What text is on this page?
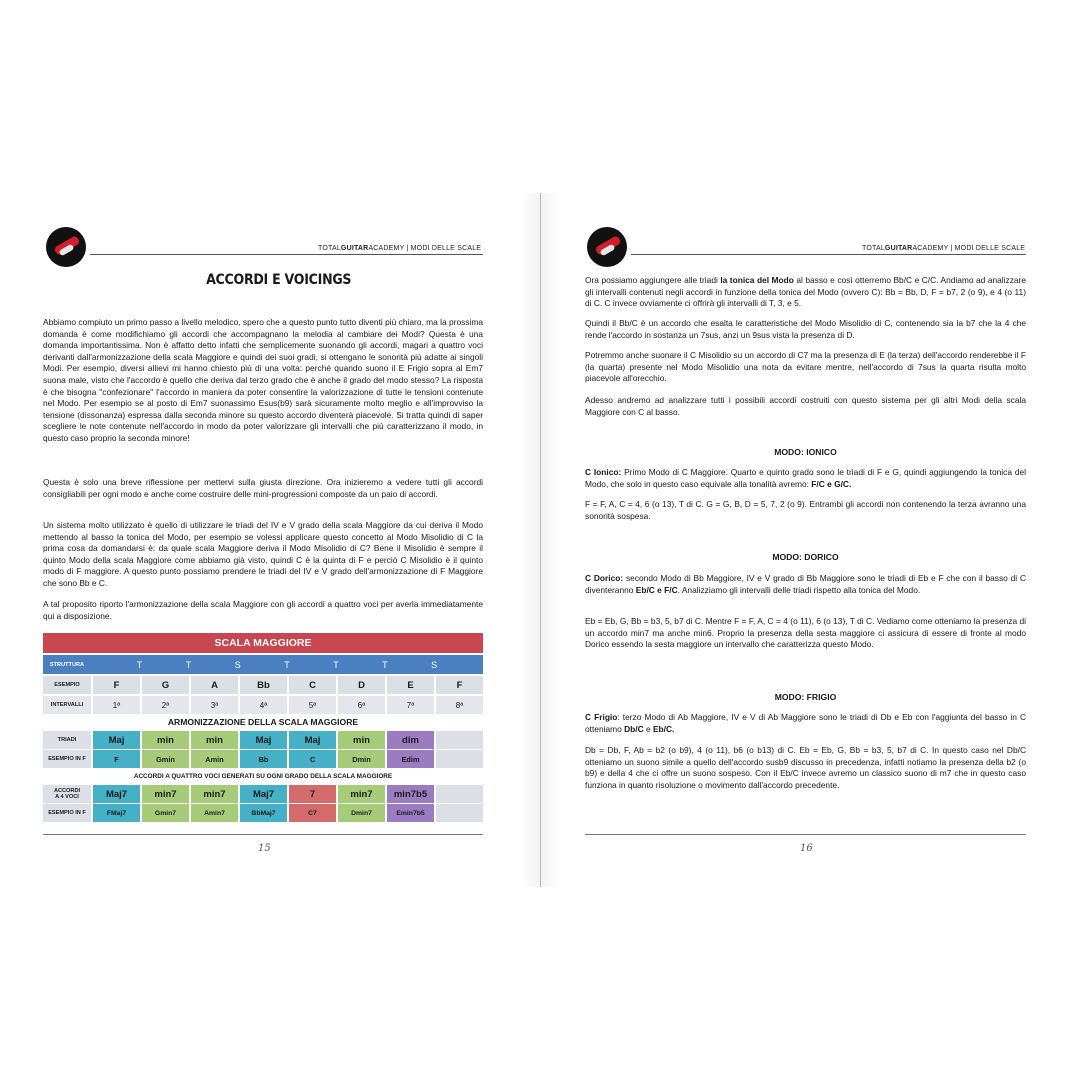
TOTALGUITARACADEMY | MODI DELLE SCALE
ACCORDI E VOICINGS

Abbiamo compiuto un primo passo a livello melodico, spero che a questo punto tutto diventi più chiaro, ma la prossima domanda è come modifichiamo gli accordi che accompagnano la melodia al cambiare dei Modi? Questa è una domanda importantissima. Non è affatto detto infatti che semplicemente suonando gli accordi, magari a quattro voci derivanti dall'armonizzazione della scala Maggiore e quindi dei suoi gradi, si ottengano le sonorità più adatte ai singoli Modi. Per esempio, diversi allievi mi hanno chiesto più di una volta: perché quando suono il E Frigio sopra al Em7 suona male, visto che l'accordo è quello che deriva dal terzo grado che è anche il grado del modo stesso? La risposta è che bisogna "confezionare" l'accordo in maniera da poter consentire la valorizzazione di tutte le tensioni contenute nel Modo. Per esempio se al posto di Em7 suonassimo Esus(b9) sarà sicuramente molto meglio e all'improvviso la tensione (dissonanza) espressa dalla seconda minore su questo accordo diventerà piacevole. Si tratta quindi di saper scegliere le note contenute nell'accordo in modo da poter valorizzare gli intervalli che più caratterizzano il modo, in questo caso proprio la seconda minore!

Questa è solo una breve riflessione per mettervi sulla giusta direzione. Ora inizieremo a vedere tutti gli accordi consigliabili per ogni modo e anche come costruire delle mini-progressioni composte da un paio di accordi.

Un sistema molto utilizzato è quello di utilizzare le triadi del IV e V grado della scala Maggiore da cui deriva il Modo mettendo al basso la tonica del Modo, per esempio se volessi applicare questo concetto al Modo Misolidio di C la prima cosa da domandarsi è: da quale scala Maggiore deriva il Modo Misolidio di C? Bene il Misolidio è sempre il quinto Modo della scala Maggiore come abbiamo già visto, quindi C è la quinta di F e perciò C Misolidio è il quinto modo di F maggiore. A questo punto possiamo prendere le triadi del IV e V grado dell'armonizzazione di F Maggiore che sono Bb e C.

A tal proposito riporto l'armonizzazione della scala Maggiore con gli accordi a quattro voci per averla immediatamente qui a disposizione.

SCALA MAGGIORE
STRUTTURA	T	T	S	T	T	T	S
ESEMPIO	F	G	A	Bb	C	D	E	F
INTERVALLI	1ª	2ª	3ª	4ª	5ª	6ª	7ª	8ª
ARMONIZZAZIONE DELLA SCALA MAGGIORE
TRIADI	Maj	min	min	Maj	Maj	min	dim
ESEMPIO IN F	F	Gmin	Amin	Bb	C	Dmin	Edim
ACCORDI A QUATTRO VOCI GENERATI SU OGNI GRADO DELLA SCALA MAGGIORE
ACCORDI
A 4 VOCI	Maj7	min7	min7	Maj7	7	min7	min7b5
ESEMPIO IN F	FMaj7	Gmin7	Amin7	BbMaj7	C7	Dmin7	Emin7b5
15
TOTALGUITARACADEMY | MODI DELLE SCALE

Ora possiamo aggiungere alle triadi la tonica del Modo al basso e così otterremo Bb/C e C/C. Andiamo ad analizzare gli intervalli contenuti negli accordi in funzione della tonica del Modo (ovvero C): Bb = Bb, D, F = b7, 2 (o 9), e 4 (o 11) di C. C invece ovviamente ci offrirà gli intervalli di T, 3, e 5.

Quindi il Bb/C è un accordo che esalta le caratteristiche del Modo Misolidio di C, contenendo sia la b7 che la 4 che rende l'accordo in sostanza un 7sus, anzi un 9sus vista la presenza di D.

Potremmo anche suonare il C Misolidio su un accordo di C7 ma la presenza di E (la terza) dell'accordo renderebbe il F (la quarta) presente nel Modo Misolidio una nota da evitare mentre, nell'accordo di 7sus la quarta risulta molto piacevole all'orecchio.

Adesso andremo ad analizzare tutti i possibili accordi costruiti con questo sistema per gli altri Modi della scala Maggiore con C al basso.

MODO: IONICO

C Ionico: Primo Modo di C Maggiore. Quarto e quinto grado sono le triadi di F e G, quindi aggiungendo la tonica del Modo, che solo in questo caso equivale alla tonalità avremo: F/C e G/C.

F = F, A, C = 4, 6 (o 13), T di C. G = G, B, D = 5, 7, 2 (o 9). Entrambi gli accordi non contenendo la terza avranno una sonorità sospesa.

MODO: DORICO

C Dorico: secondo Modo di Bb Maggiore, IV e V grado di Bb Maggiore sono le triadi di Eb e F che con il basso di C diventeranno Eb/C e F/C. Analizziamo gli intervalli delle triadi rispetto alla tonica del Modo.

Eb = Eb, G, Bb = b3, 5, b7 di C. Mentre F = F, A, C = 4 (o 11), 6 (o 13), T di C. Vediamo come otteniamo la presenza di un accordo min7 ma anche min6. Proprio la presenza della sesta maggiore ci assicura di essere di fronte al modo Dorico essendo la sesta maggiore un intervallo che caratterizza questo Modo.

MODO: FRIGIO

C Frigio: terzo Modo di Ab Maggiore, IV e V di Ab Maggiore sono le triadi di Db e Eb con l'aggiunta del basso in C otteniamo Db/C e Eb/C.

Db = Db, F, Ab = b2 (o b9), 4 (o 11), b6 (o b13) di C. Eb = Eb, G, Bb = b3, 5, b7 di C. In questo caso nel Db/C otteniamo un suono simile a quello dell'accordo susb9 discusso in precedenza, infatti notiamo la presenza della b2 (o b9) e della 4 che ci offre un suono sospeso. Con il Eb/C invece avremo un classico suono di m7 che in questo caso funziona in quanto risoluzione o movimento dall'accordo precedente.

16
